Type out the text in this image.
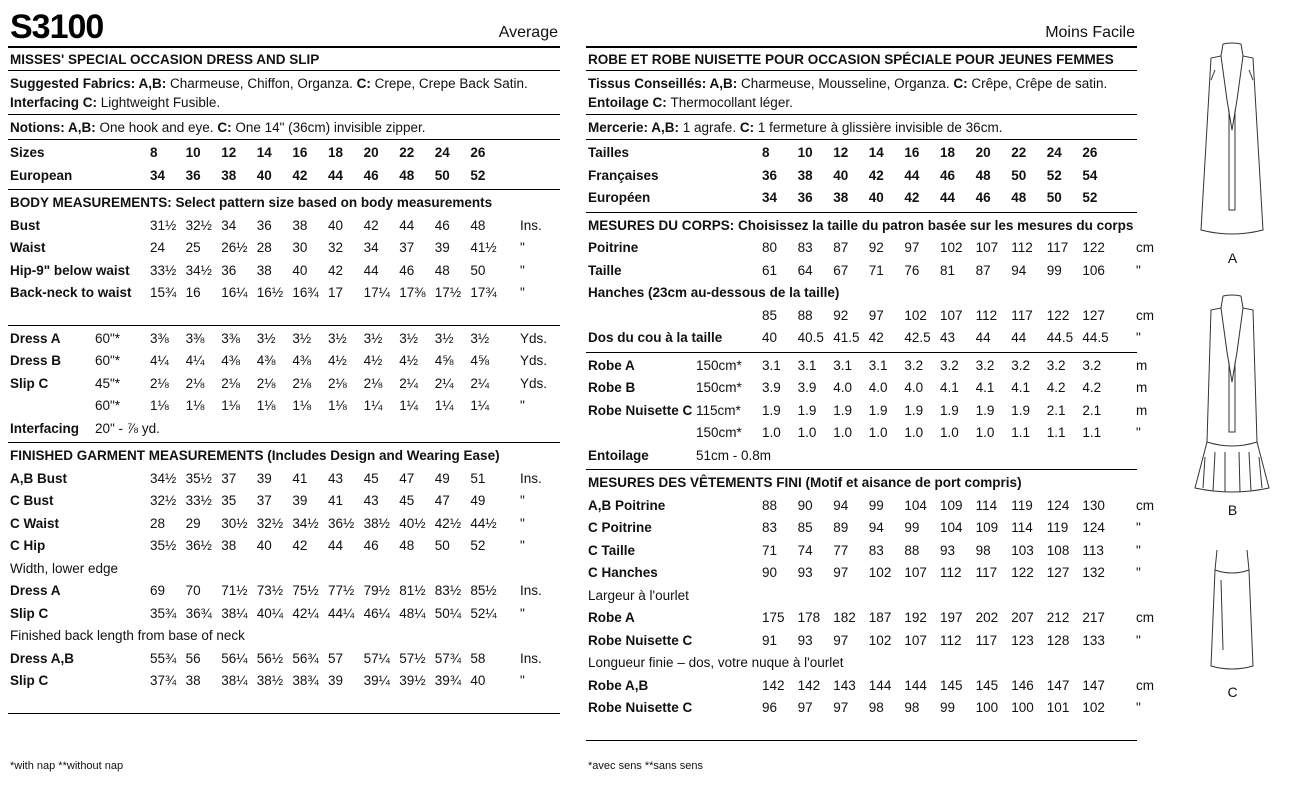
S3100	Average
MISSES' SPECIAL OCCASION DRESS AND SLIP
Suggested Fabrics: A,B: Charmeuse, Chiffon, Organza. C: Crepe, Crepe Back Satin.
Interfacing C: Lightweight Fusible.
Notions: A,B: One hook and eye. C: One 14" (36cm) invisible zipper.
Sizes	8 10 12 14 16 18 20 22 24 26
European	34 36 38 40 42 44 46 48 50 52
BODY MEASUREMENTS: Select pattern size based on body measurements
Bust	31½ 32½ 34 36 38 40 42 44 46 48	Ins.
Waist	24 25 26½ 28 30 32 34 37 39 41½ "
Hip-9" below waist 33½ 34½ 36 38 40 42 44 46 48 50	"
Back-neck to waist 15¾ 16 16¼ 16½ 16¾ 17 17¼ 17⅜ 17½ 17¾ "
Dress A	60"* 3⅜ 3⅜ 3⅜ 3½ 3½ 3½ 3½ 3½ 3½ 3½ Yds.
Dress B	60"* 4¼ 4¼ 4⅜ 4⅜ 4⅜ 4½ 4½ 4½ 4⅝ 4⅝ Yds.
Slip C	45"* 2⅛ 2⅛ 2⅛ 2⅛ 2⅛ 2⅛ 2⅛ 2¼ 2¼ 2¼ Yds.
60"* 1⅛ 1⅛ 1⅛ 1⅛ 1⅛ 1⅛ 1¼ 1¼ 1¼ 1¼ "
Interfacing 20" - ⅞ yd.
FINISHED GARMENT MEASUREMENTS (Includes Design and Wearing Ease)
A,B Bust	34½ 35½ 37 39 41 43 45 47 49 51	Ins.
C Bust	32½ 33½ 35 37 39 41 43 45 47 49	"
C Waist	28 29 30½ 32½ 34½ 36½ 38½ 40½ 42½ 44½ "
C Hip	35½ 36½ 38 40 42 44 46 48 50 52	"
Width, lower edge
Dress A	69 70 71½ 73½ 75½ 77½ 79½ 81½ 83½ 85½ Ins.
Slip C	35¾ 36¾ 38¼ 40¼ 42¼ 44¼ 46¼ 48¼ 50¼ 52¼ "
Finished back length from base of neck
Dress A,B	55¾ 56 56¼ 56½ 56¾ 57 57¼ 57½ 57¾ 58	Ins.
Slip C	37¾ 38 38¼ 38½ 38¾ 39 39¼ 39½ 39¾ 40	"
*with nap **without nap
Moins Facile
ROBE ET ROBE NUISETTE POUR OCCASION SPÉCIALE POUR JEUNES FEMMES
Tissus Conseillés: A,B: Charmeuse, Mousseline, Organza. C: Crêpe, Crêpe de satin.
Entoilage C: Thermocollant léger.
Mercerie: A,B: 1 agrafe. C: 1 fermeture à glissière invisible de 36cm.
Tailles	8 10 12 14 16 18 20 22 24 26
Françaises	36 38 40 42 44 46 48 50 52 54
Européen	34 36 38 40 42 44 46 48 50 52
MESURES DU CORPS: Choisissez la taille du patron basée sur les mesures du corps
Poitrine	80 83 87 92 97 102 107 112 117 122 cm
Taille	61 64 67 71 76 81 87 94 99 106 "
Hanches (23cm au-dessous de la taille)
85 88 92 97 102 107 112 117 122 127 cm
Dos du cou à la taille	40 40.5 41.5 42 42.5 43 44 44 44.5 44.5 "
Robe A	150cm* 3.1 3.1 3.1 3.1 3.2 3.2 3.2 3.2 3.2 3.2	m
Robe B	150cm* 3.9 3.9 4.0 4.0 4.0 4.1 4.1 4.1 4.2 4.2	m
Robe Nuisette C 115cm* 1.9 1.9 1.9 1.9 1.9 1.9 1.9 1.9 2.1 2.1	m
150cm* 1.0 1.0 1.0 1.0 1.0 1.0 1.0 1.1 1.1 1.1	"
Entoilage	51cm - 0.8m
MESURES DES VÊTEMENTS FINI (Motif et aisance de port compris)
A,B Poitrine	88 90 94 99 104 109 114 119 124 130 cm
C Poitrine	83 85 89 94 99 104 109 114 119 124 "
C Taille	71 74 77 83 88 93 98 103 108 113 "
C Hanches	90 93 97 102 107 112 117 122 127 132 "
Largeur à l'ourlet
Robe A	175 178 182 187 192 197 202 207 212 217 cm
Robe Nuisette C	91 93 97 102 107 112 117 123 128 133 "
Longueur finie – dos, votre nuque à l'ourlet
Robe A,B	142 142 143 144 144 145 145 146 147 147 cm
Robe Nuisette C	96 97 97 98 98 99 100 100 101 102 "
*avec sens **sans sens
A
B
C
